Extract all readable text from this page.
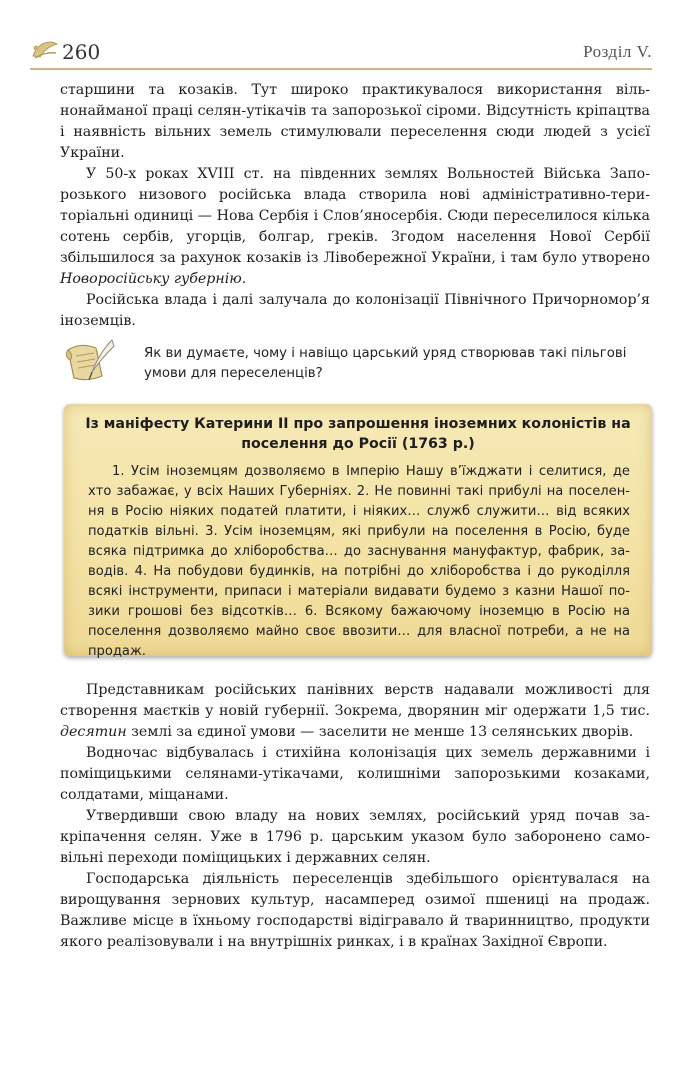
260	Розділ V.

старшини та козаків. Тут широко практикувалося використання вільнонайманої праці селян-утікачів та запорозької сіроми. Відсутність кріпацтва і наявність вільних земель стимулювали переселення сюди людей з усієї України.

У 50-х роках XVIII ст. на південних землях Вольностей Війська Запорозького низового російська влада створила нові адміністративно-територіальні одиниці — Нова Сербія і Слов’яносербія. Сюди переселилося кілька сотень сербів, угорців, болгар, греків. Згодом населення Нової Сербії збільшилося за рахунок козаків із Лівобережної України, і там було утворено Новоросійську губернію.

Російська влада і далі залучала до колонізації Північного Причорномор’я іноземців.

Як ви думаєте, чому і навіщо царський уряд створював такі пільгові умови для переселенців?
Із маніфесту Катерини ІІ про запрошення іноземних колоністів на поселення до Росії (1763 р.)
1. Усім іноземцям дозволяємо в Імперію Нашу в’їжджати і селитися, де хто забажає, у всіх Наших Губерніях. 2. Не повинні такі прибулі на поселення в Росію ніяких податей платити, і ніяких… служб служити… від всяких податків вільні. 3. Усім іноземцям, які прибули на поселення в Росію, буде всяка підтримка до хліборобства… до заснування мануфактур, фабрик, заводів. 4. На побудови будинків, на потрібні до хліборобства і до рукоділля всякі інструменти, припаси і матеріали видавати будемо з казни Нашої позики грошові без відсотків… 6. Всякому бажаючому іноземцю в Росію на поселення дозволяємо майно своє ввозити… для власної потреби, а не на продаж.

Представникам російських панівних верств надавали можливості для створення маєтків у новій губернії. Зокрема, дворянин міг одержати 1,5 тис. десятин землі за єдиної умови — заселити не менше 13 селянських дворів.

Водночас відбувалась і стихійна колонізація цих земель державними і поміщицькими селянами-утікачами, колишніми запорозькими козаками, солдатами, міщанами.

Утвердивши свою владу на нових землях, російський уряд почав закріпачення селян. Уже в 1796 р. царським указом було заборонено самовільні переходи поміщицьких і державних селян.

Господарська діяльність переселенців здебільшого орієнтувалася на вирощування зернових культур, насамперед озимої пшениці на продаж. Важливе місце в їхньому господарстві відігравало й тваринництво, продукти якого реалізовували і на внутрішніх ринках, і в країнах Західної Європи.
